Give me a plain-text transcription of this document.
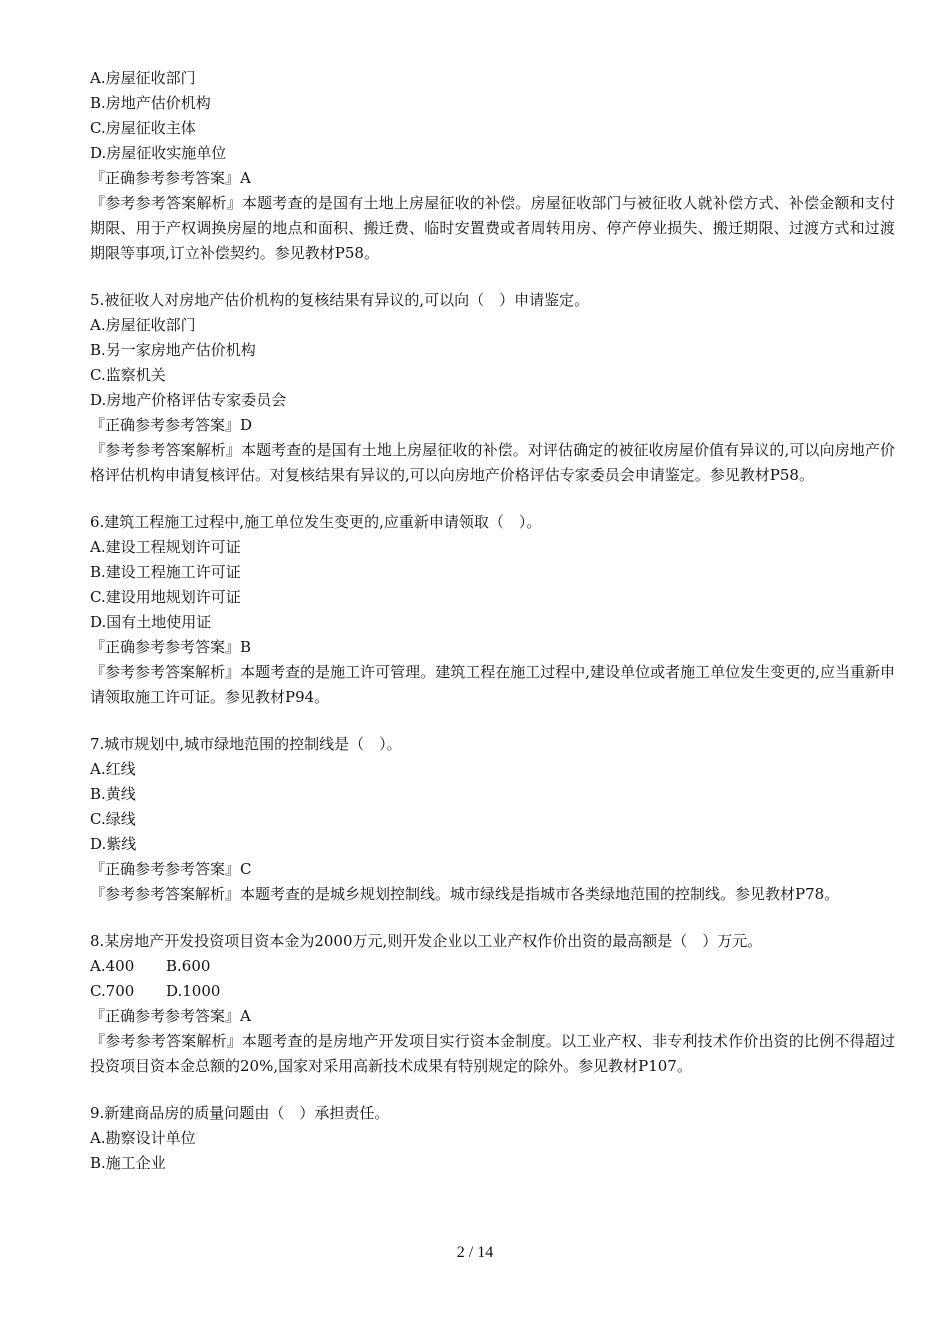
A.房屋征收部门

B.房地产估价机构

C.房屋征收主体

D.房屋征收实施单位

『正确参考参考答案』A

『参考参考答案解析』本题考查的是国有土地上房屋征收的补偿。房屋征收部门与被征收人就补偿方式、补偿金额和支付期限、用于产权调换房屋的地点和面积、搬迁费、临时安置费或者周转用房、停产停业损失、搬迁期限、过渡方式和过渡期限等事项,订立补偿契约。参见教材P58。

5.被征收人对房地产估价机构的复核结果有异议的,可以向（　）申请鉴定。

A.房屋征收部门

B.另一家房地产估价机构

C.监察机关

D.房地产价格评估专家委员会

『正确参考参考答案』D

『参考参考答案解析』本题考查的是国有土地上房屋征收的补偿。对评估确定的被征收房屋价值有异议的,可以向房地产价格评估机构申请复核评估。对复核结果有异议的,可以向房地产价格评估专家委员会申请鉴定。参见教材P58。

6.建筑工程施工过程中,施工单位发生变更的,应重新申请领取（　）。

A.建设工程规划许可证

B.建设工程施工许可证

C.建设用地规划许可证

D.国有土地使用证

『正确参考参考答案』B

『参考参考答案解析』本题考查的是施工许可管理。建筑工程在施工过程中,建设单位或者施工单位发生变更的,应当重新申请领取施工许可证。参见教材P94。

7.城市规划中,城市绿地范围的控制线是（　）。

A.红线

B.黄线

C.绿线

D.紫线

『正确参考参考答案』C

『参考参考答案解析』本题考查的是城乡规划控制线。城市绿线是指城市各类绿地范围的控制线。参见教材P78。

8.某房地产开发投资项目资本金为2000万元,则开发企业以工业产权作价出资的最高额是（　）万元。

A.400	B.600
C.700	D.1000

『正确参考参考答案』A

『参考参考答案解析』本题考查的是房地产开发项目实行资本金制度。以工业产权、非专利技术作价出资的比例不得超过投资项目资本金总额的20%,国家对采用高新技术成果有特别规定的除外。参见教材P107。

9.新建商品房的质量问题由（　）承担责任。

A.勘察设计单位

B.施工企业

2 / 14
